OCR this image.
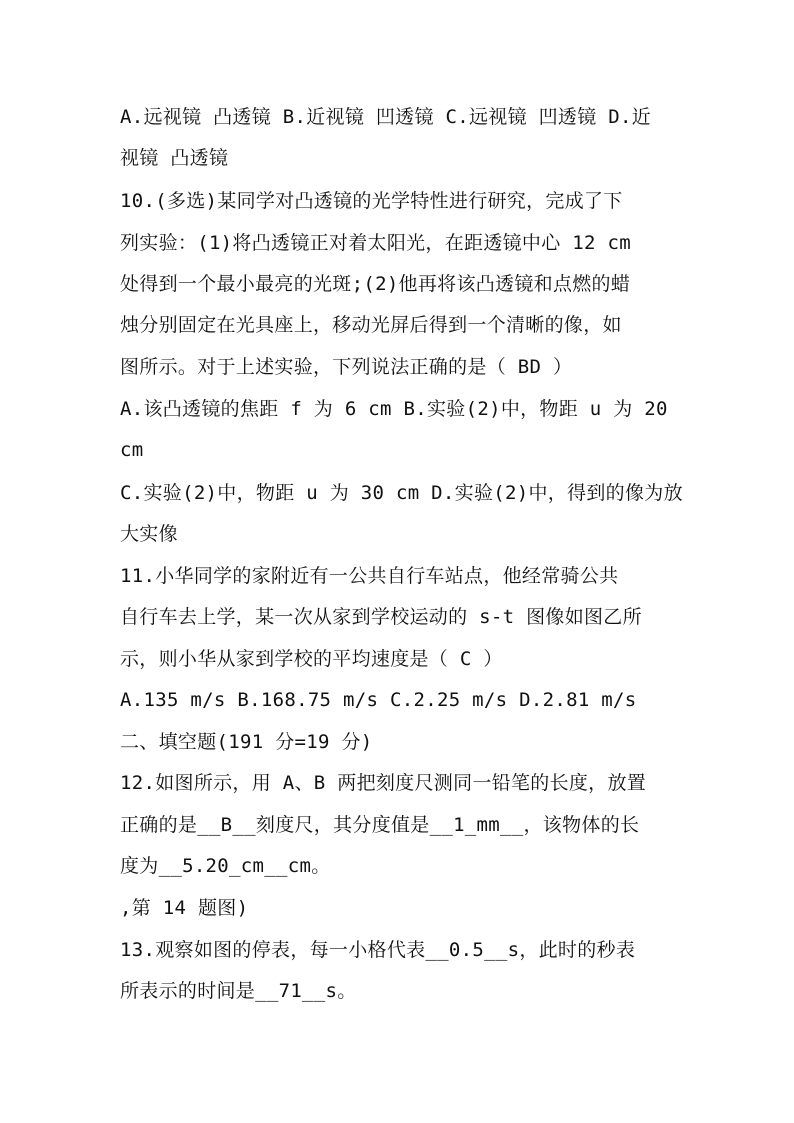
A.远视镜 凸透镜 B.近视镜 凹透镜 C.远视镜 凹透镜 D.近
视镜 凸透镜
10.(多选)某同学对凸透镜的光学特性进行研究，完成了下
列实验：(1)将凸透镜正对着太阳光，在距透镜中心 12 cm
处得到一个最小最亮的光斑;(2)他再将该凸透镜和点燃的蜡
烛分别固定在光具座上，移动光屏后得到一个清晰的像，如
图所示。对于上述实验，下列说法正确的是（ BD ）
A.该凸透镜的焦距 f 为 6 cm B.实验(2)中，物距 u 为 20
cm
C.实验(2)中，物距 u 为 30 cm D.实验(2)中，得到的像为放
大实像
11.小华同学的家附近有一公共自行车站点，他经常骑公共
自行车去上学，某一次从家到学校运动的 s-t 图像如图乙所
示，则小华从家到学校的平均速度是（ C ）
A.135 m/s B.168.75 m/s C.2.25 m/s D.2.81 m/s
二、填空题(191 分=19 分)
12.如图所示，用 A、B 两把刻度尺测同一铅笔的长度，放置
正确的是__B__刻度尺，其分度值是__1_mm__，该物体的长
度为__5.20_cm__cm。
,第 14 题图)
13.观察如图的停表，每一小格代表__0.5__s，此时的秒表
所表示的时间是__71__s。
